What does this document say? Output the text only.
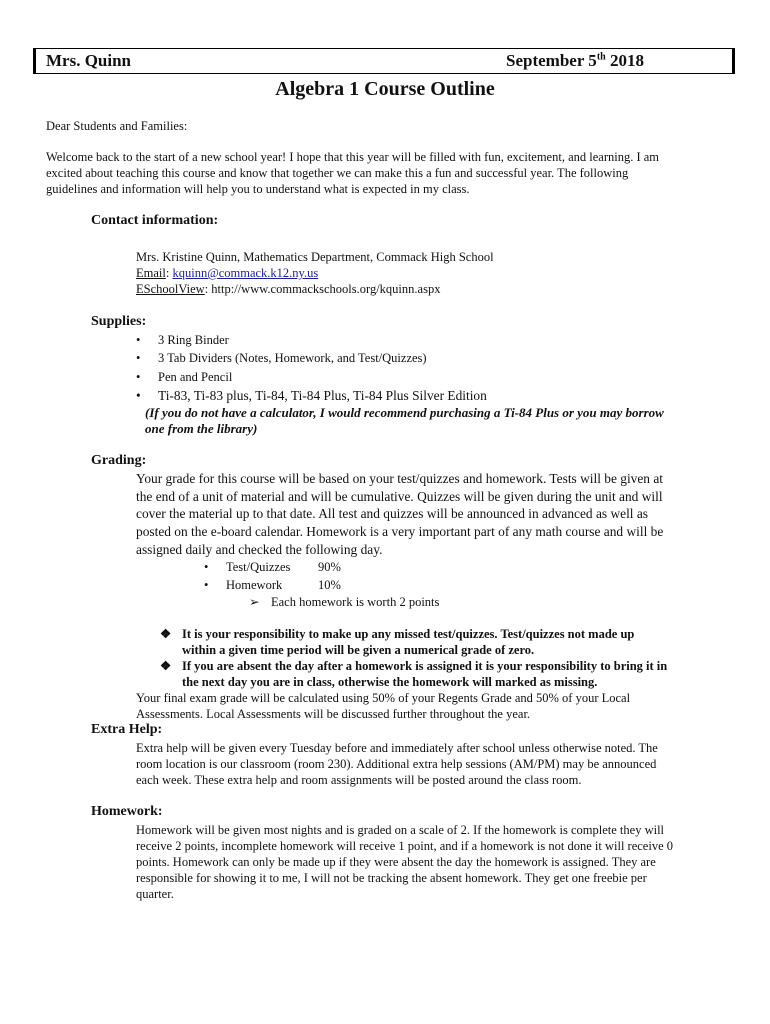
Mrs. Quinn	September 5th 2018
Algebra 1 Course Outline
Dear Students and Families:
Welcome back to the start of a new school year! I hope that this year will be filled with fun, excitement, and learning. I am
excited about teaching this course and know that together we can make this a fun and successful year. The following
guidelines and information will help you to understand what is expected in my class.
Contact information:
Mrs. Kristine Quinn, Mathematics Department, Commack High School
Email: kquinn@commack.k12.ny.us
ESchoolView: http://www.commackschools.org/kquinn.aspx
Supplies:
• 3 Ring Binder
• 3 Tab Dividers (Notes, Homework, and Test/Quizzes)
• Pen and Pencil
• Ti-83, Ti-83 plus, Ti-84, Ti-84 Plus, Ti-84 Plus Silver Edition
(If you do not have a calculator, I would recommend purchasing a Ti-84 Plus or you may borrow
one from the library)
Grading:
Your grade for this course will be based on your test/quizzes and homework. Tests will be given at
the end of a unit of material and will be cumulative. Quizzes will be given during the unit and will
cover the material up to that date. All test and quizzes will be announced in advanced as well as
posted on the e-board calendar. Homework is a very important part of any math course and will be
assigned daily and checked the following day.
• Test/Quizzes 90%
• Homework	10%
➢ Each homework is worth 2 points
❖ It is your responsibility to make up any missed test/quizzes. Test/quizzes not made up
within a given time period will be given a numerical grade of zero.
❖ If you are absent the day after a homework is assigned it is your responsibility to bring it in
the next day you are in class, otherwise the homework will marked as missing.
Your final exam grade will be calculated using 50% of your Regents Grade and 50% of your Local
Assessments. Local Assessments will be discussed further throughout the year.
Extra Help:
Extra help will be given every Tuesday before and immediately after school unless otherwise noted. The
room location is our classroom (room 230). Additional extra help sessions (AM/PM) may be announced
each week. These extra help and room assignments will be posted around the class room.
Homework:
Homework will be given most nights and is graded on a scale of 2. If the homework is complete they will
receive 2 points, incomplete homework will receive 1 point, and if a homework is not done it will receive 0
points. Homework can only be made up if they were absent the day the homework is assigned. They are
responsible for showing it to me, I will not be tracking the absent homework. They get one freebie per
quarter.
